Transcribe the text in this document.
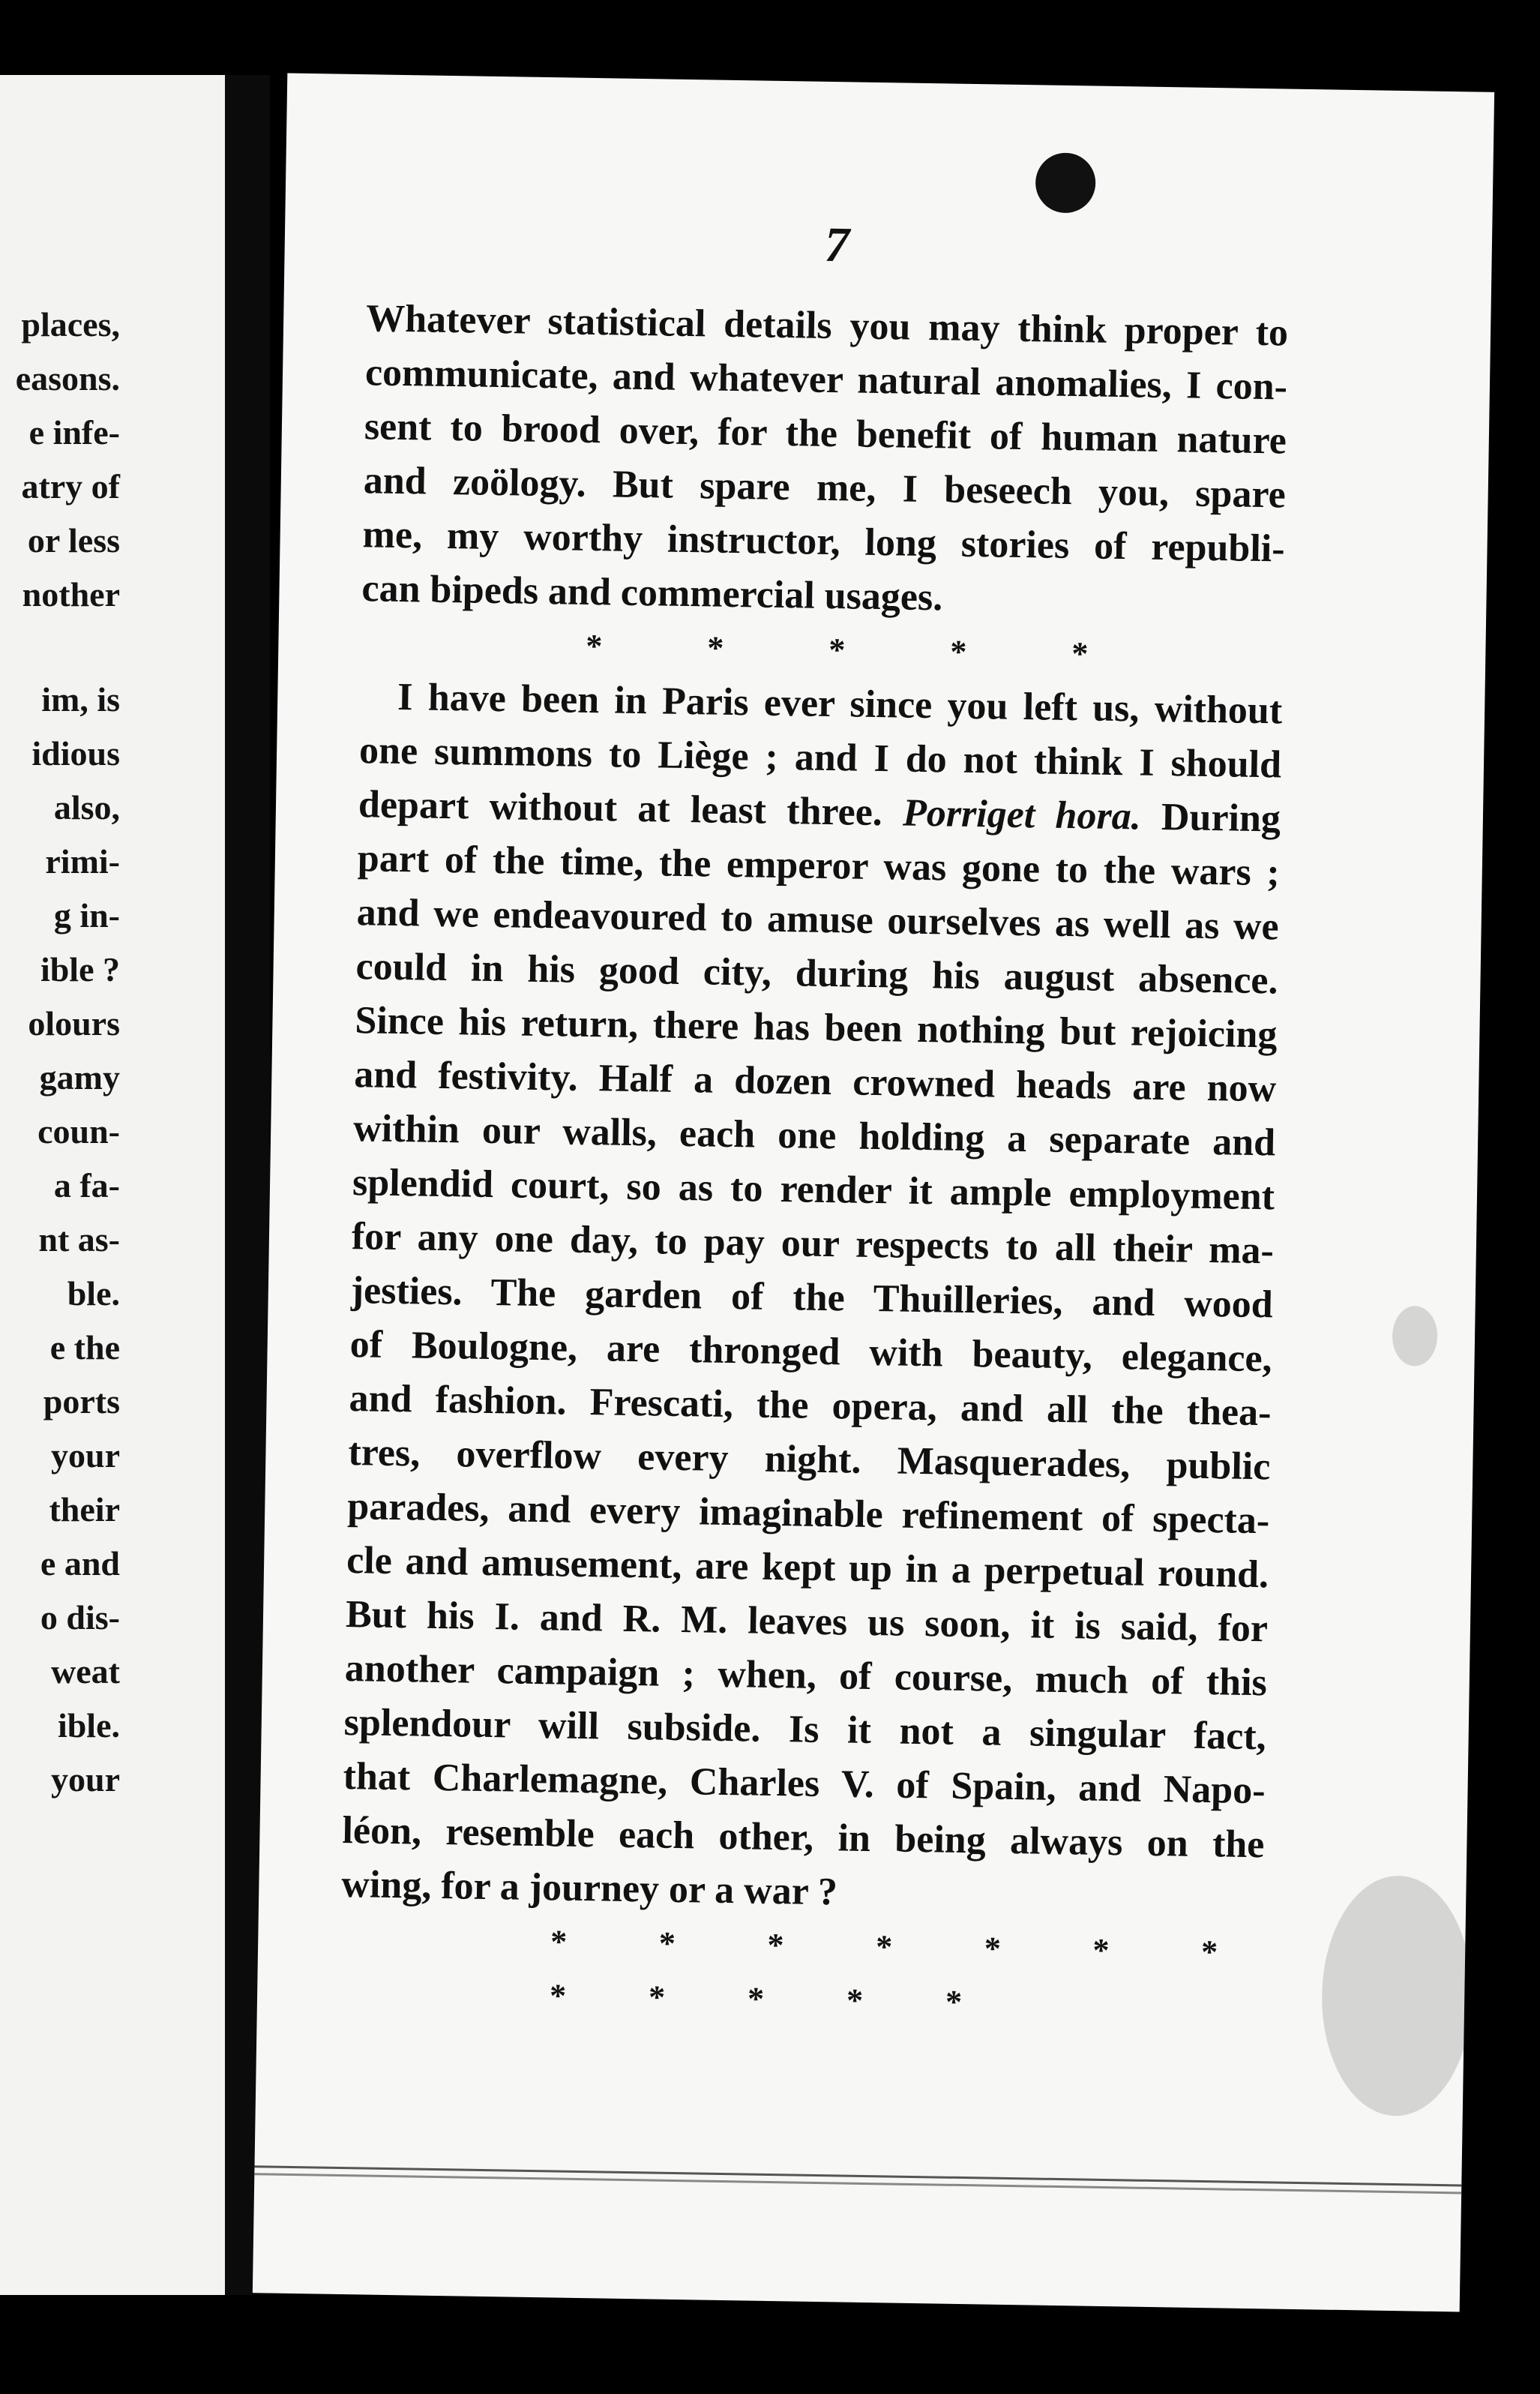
places,
easons.
e infe-
atry of
or less
nother
im, is
idious
also,
rimi-
g in-
ible ?
olours
gamy
coun-
a fa-
nt as-
ble.
e the
ports
your
their
e and
o dis-
weat
ible.
your
7
Whatever statistical details you may think proper to
communicate, and whatever natural anomalies, I con-
sent to brood over, for the benefit of human nature
and zoölogy. But spare me, I beseech you, spare
me, my worthy instructor, long stories of republi-
can bipeds and commercial usages.
*	*	*	*	*
I have been in Paris ever since you left us, without
one summons to Liège ; and I do not think I should
depart without at least three. Porriget hora. During
part of the time, the emperor was gone to the wars ;
and we endeavoured to amuse ourselves as well as we
could in his good city, during his august absence.
Since his return, there has been nothing but rejoicing
and festivity. Half a dozen crowned heads are now
within our walls, each one holding a separate and
splendid court, so as to render it ample employment
for any one day, to pay our respects to all their ma-
jesties. The garden of the Thuilleries, and wood
of Boulogne, are thronged with beauty, elegance,
and fashion. Frescati, the opera, and all the thea-
tres, overflow every night. Masquerades, public
parades, and every imaginable refinement of specta-
cle and amusement, are kept up in a perpetual round.
But his I. and R. M. leaves us soon, it is said, for
another campaign ; when, of course, much of this
splendour will subside. Is it not a singular fact,
that Charlemagne, Charles V. of Spain, and Napo-
léon, resemble each other, in being always on the
wing, for a journey or a war ?
*	*	*	*	*	*	*
* * * * *
